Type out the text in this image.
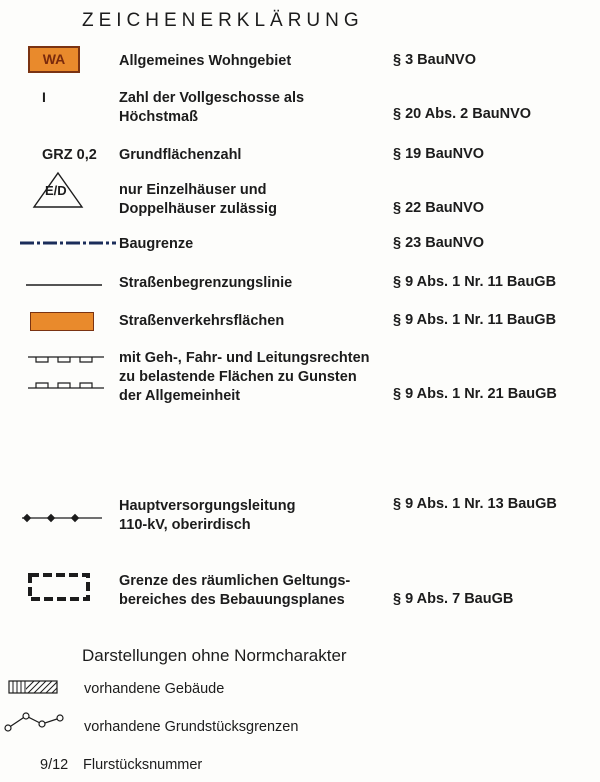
ZEICHENERKLÄRUNG
WA	Allgemeines Wohngebiet	§ 3 BauNVO
I	Zahl der Vollgeschosse als
Höchstmaß	§ 20 Abs. 2 BauNVO
GRZ 0,2 Grundflächenzahl	§ 19 BauNVO
E/D	nur Einzelhäuser und
Doppelhäuser zulässig	§ 22 BauNVO
Baugrenze	§ 23 BauNVO
Straßenbegrenzungslinie	§ 9 Abs. 1 Nr. 11 BauGB
Straßenverkehrsflächen	§ 9 Abs. 1 Nr. 11 BauGB
mit Geh-, Fahr- und Leitungsrechten
zu belastende Flächen zu Gunsten
der Allgemeinheit	§ 9 Abs. 1 Nr. 21 BauGB
Hauptversorgungsleitung
110-kV, oberirdisch
§ 9 Abs. 1 Nr. 13 BauGB
Grenze des räumlichen Geltungs-
bereiches des Bebauungsplanes	§ 9 Abs. 7 BauGB
Darstellungen ohne Normcharakter
vorhandene Gebäude
vorhandene Grundstücksgrenzen
9/12 Flurstücksnummer
